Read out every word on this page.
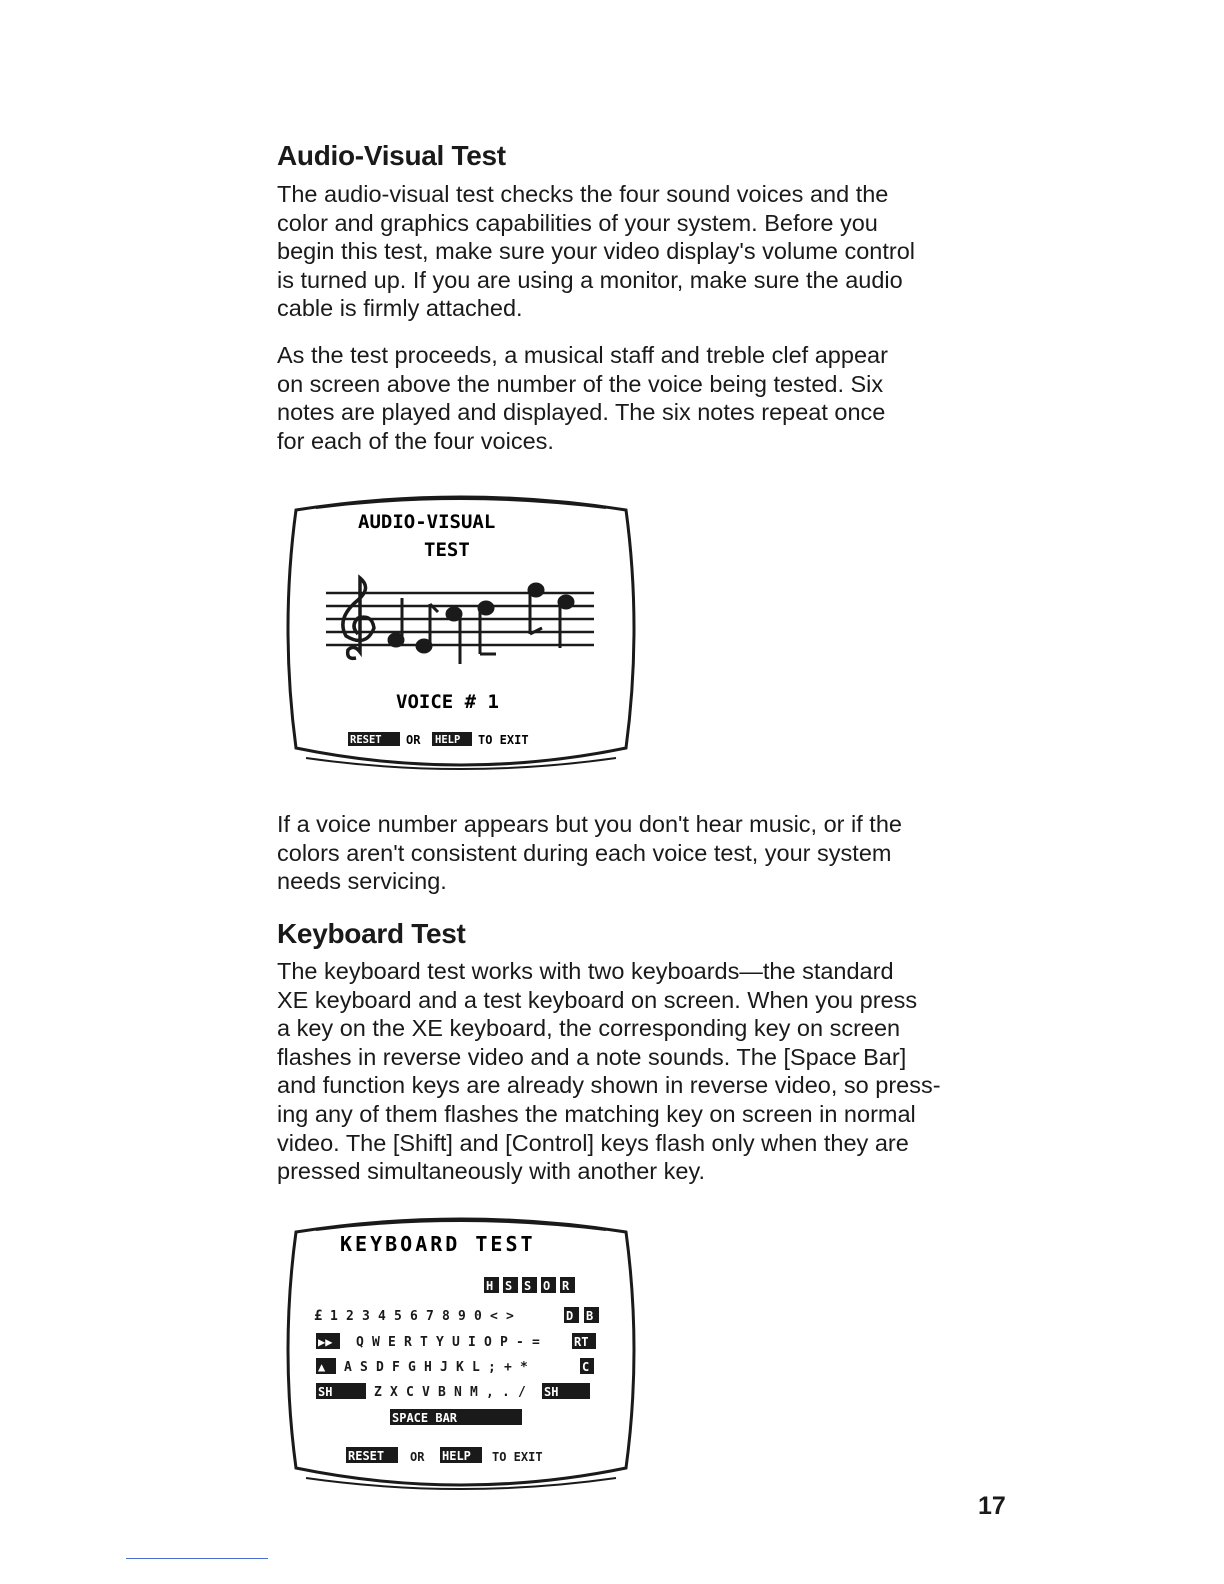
Audio-Visual Test

The audio-visual test checks the four sound voices and the
color and graphics capabilities of your system. Before you
begin this test, make sure your video display's volume control
is turned up. If you are using a monitor, make sure the audio
cable is firmly attached.

As the test proceeds, a musical staff and treble clef appear
on screen above the number of the voice being tested. Six
notes are played and displayed. The six notes repeat once
for each of the four voices.

AUDIO-VISUAL
TEST
VOICE # 1
RESET OR HELP TO EXIT

If a voice number appears but you don't hear music, or if the
colors aren't consistent during each voice test, your system
needs servicing.

Keyboard Test

The keyboard test works with two keyboards—the standard
XE keyboard and a test keyboard on screen. When you press
a key on the XE keyboard, the corresponding key on screen
flashes in reverse video and a note sounds. The [Space Bar]
and function keys are already shown in reverse video, so press-
ing any of them flashes the matching key on screen in normal
video. The [Shift] and [Control] keys flash only when they are
pressed simultaneously with another key.

KEYBOARD TEST
H S S O R
£ 1 2 3 4 5 6 7 8 9 0 < >	D B
▶▶ Q W E R T Y U I O P - =	RT
▲ A S D F G H J K L ; + *	C
SH	Z X C V B N M , . / SH
SPACE BAR
RESET OR HELP TO EXIT
17
